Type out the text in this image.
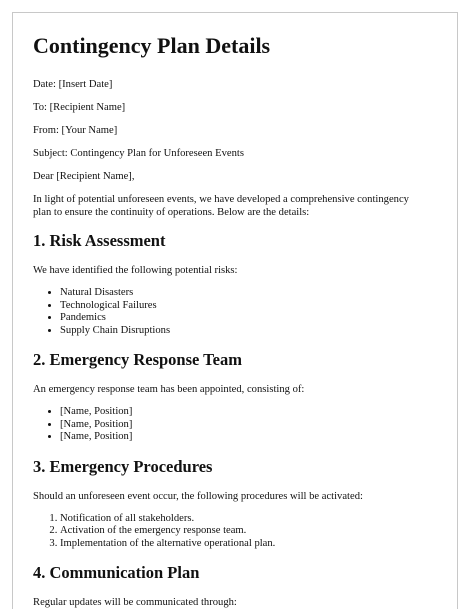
Contingency Plan Details

Date: [Insert Date]

To: [Recipient Name]

From: [Your Name]

Subject: Contingency Plan for Unforeseen Events

Dear [Recipient Name],

In light of potential unforeseen events, we have developed a comprehensive contingency plan to ensure the continuity of operations. Below are the details:

1. Risk Assessment

We have identified the following potential risks:

• Natural Disasters
• Technological Failures
• Pandemics
• Supply Chain Disruptions
2. Emergency Response Team

An emergency response team has been appointed, consisting of:

• [Name, Position]
• [Name, Position]
• [Name, Position]
3. Emergency Procedures

Should an unforeseen event occur, the following procedures will be activated:

1. Notification of all stakeholders.
2. Activation of the emergency response team.
3. Implementation of the alternative operational plan.
4. Communication Plan

Regular updates will be communicated through:
